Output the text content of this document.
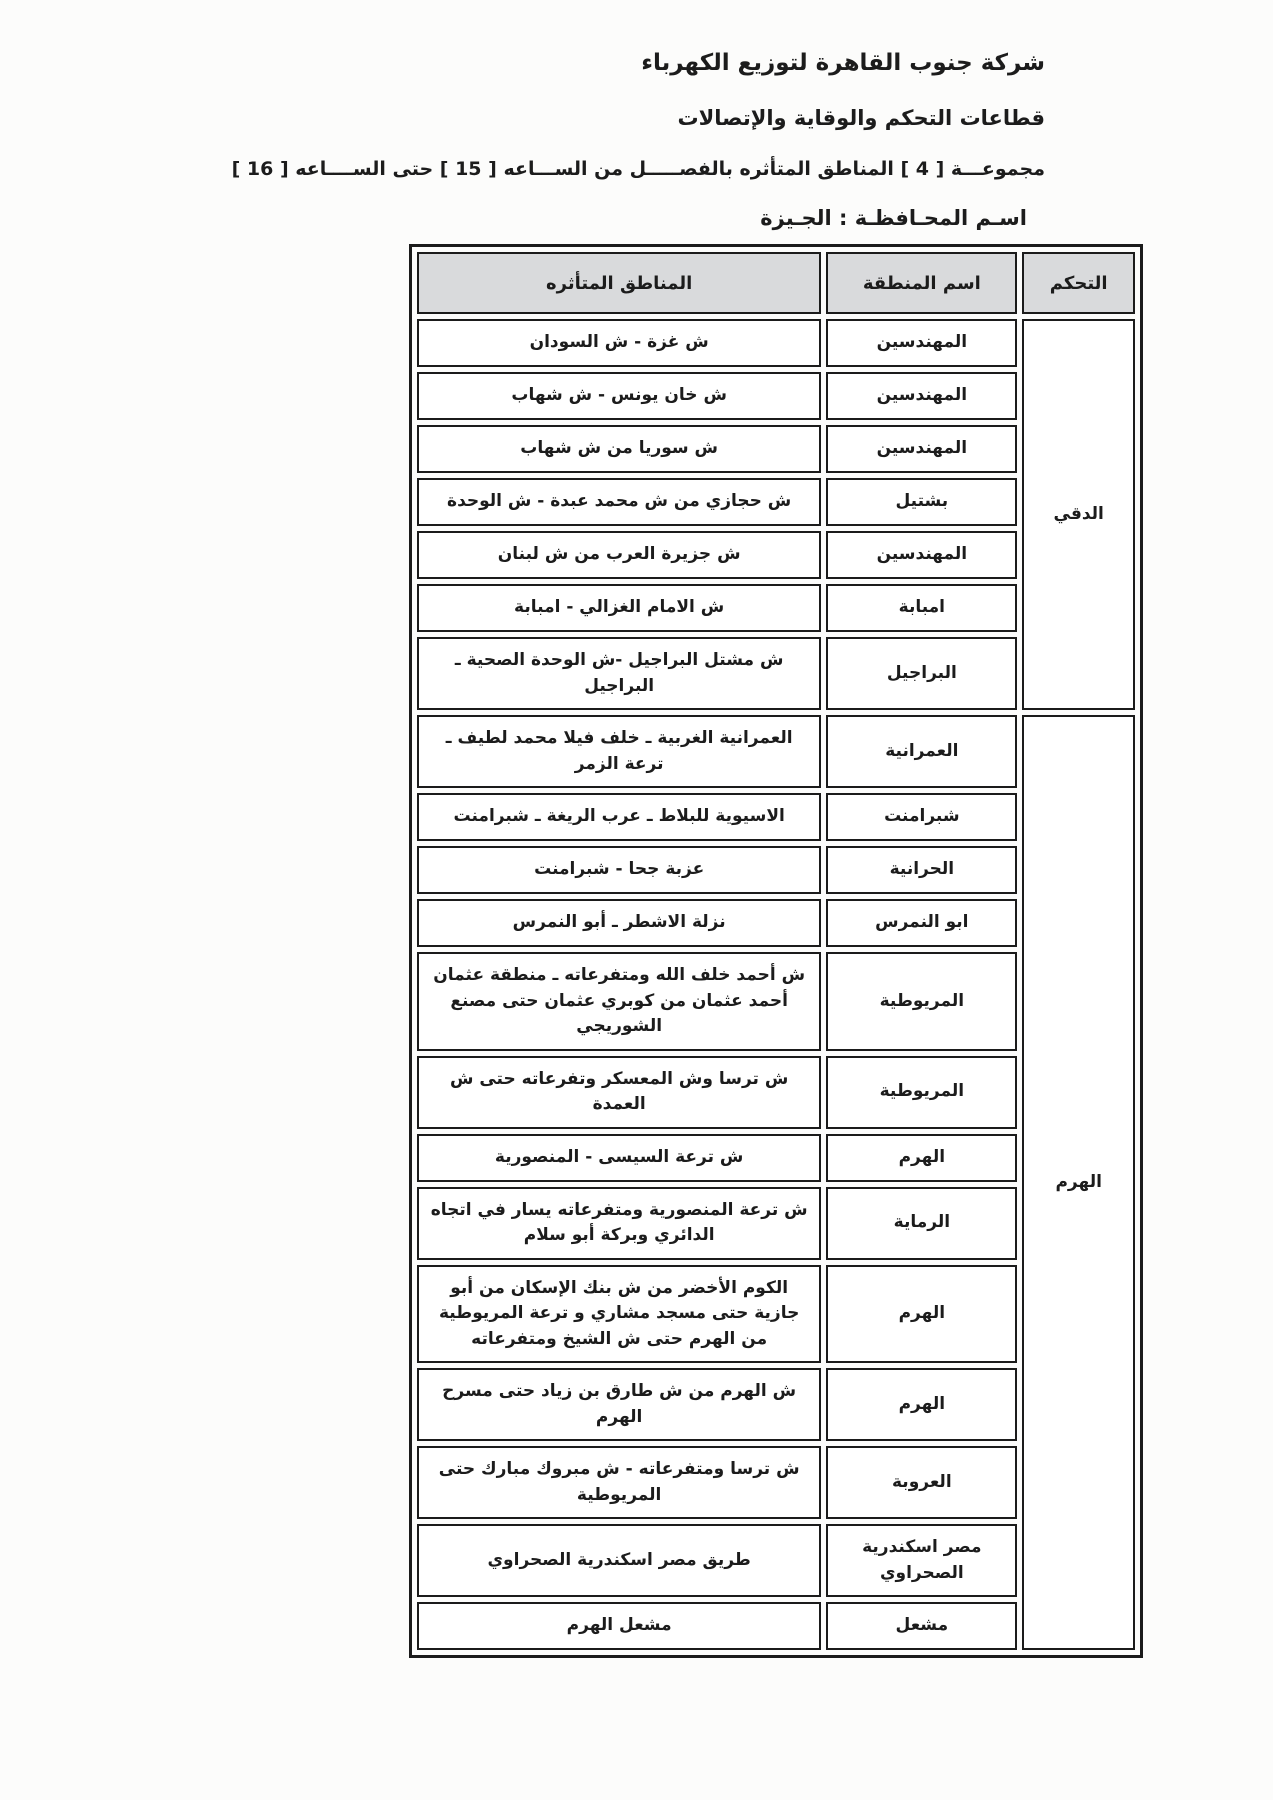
شركة جنوب القاهرة لتوزيع الكهرباء
قطاعات التحكم والوقاية والإتصالات
مجموعـــة [ 4 ] المناطق المتأثره بالفصـــــل من الســـاعه [ 15 ] حتى الســــاعه [ 16 ]
اسـم المحـافظـة : الجـيزة
التحكم	اسم المنطقة	المناطق المتأثره
الدقي	المهندسين	ش غزة - ش السودان
	المهندسين	ش خان يونس - ش شهاب
	المهندسين	ش سوريا من ش شهاب
	بشتيل	ش حجازي من ش محمد عبدة - ش الوحدة
	المهندسين	ش جزيرة العرب من ش لبنان
	امبابة	ش الامام الغزالي - امبابة
	البراجيل	ش مشتل البراجيل -ش الوحدة الصحية ـ البراجيل
الهرم	العمرانية	العمرانية الغربية ـ خلف فيلا محمد لطيف ـ ترعة الزمر
	شبرامنت	الاسيوية للبلاط ـ عرب الريغة ـ شبرامنت
	الحرانية	عزبة جحا - شبرامنت
	ابو النمرس	نزلة الاشطر ـ أبو النمرس
	المريوطية	ش أحمد خلف الله ومتفرعاته ـ منطقة عثمان أحمد عثمان من كوبري عثمان حتى مصنع الشوريجي
	المريوطية	ش ترسا وش المعسكر وتفرعاته حتى ش العمدة
	الهرم	ش ترعة السيسى - المنصورية
	الرماية	ش ترعة المنصورية ومتفرعاته يسار في اتجاه الدائري وبركة أبو سلام
	الهرم	الكوم الأخضر من ش بنك الإسكان من أبو جازية حتى مسجد مشاري و ترعة المريوطية من الهرم حتى ش الشيخ ومتفرعاته
	الهرم	ش الهرم من ش طارق بن زياد حتى مسرح الهرم
	العروبة	ش ترسا ومتفرعاته - ش مبروك مبارك حتى المريوطية
	مصر اسكندرية الصحراوي	طريق مصر اسكندرية الصحراوي
	مشعل	مشعل الهرم
